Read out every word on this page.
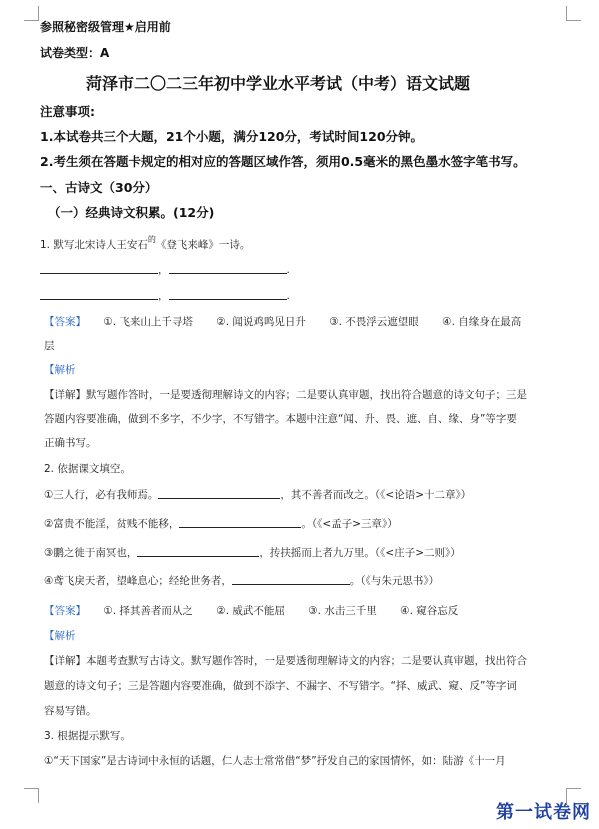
参照秘密级管理★启用前
试卷类型：A
菏泽市二〇二三年初中学业水平考试（中考）语文试题
注意事项:
1.本试卷共三个大题，21个小题，满分120分，考试时间120分钟。
2.考生须在答题卡规定的相对应的答题区域作答，须用0.5毫米的黑色墨水签字笔书写。
一、古诗文（30分）
（一）经典诗文积累。(12分)
1. 默写北宋诗人王安石$^的$《登飞来峰》一诗。
，	.
，	.
【答案】 ①. 飞来山上千寻塔 ②. 闻说鸡鸣见日升 ③. 不畏浮云遮望眼 ④. 自缘身在最高
层
【解析
【详解】默写题作答时，一是要透彻理解诗文的内容；二是要认真审题，找出符合题意的诗文句子；三是
答题内容要准确，做到不多字，不少字，不写错字。本题中注意“闻、升、畏、遮、自、缘、身”等字要
正确书写。
2. 依据课文填空。
①三人行，必有我师焉。	，其不善者而改之。（《<论语>十二章》）
②富贵不能淫，贫贱不能移，	。（《<孟子>三章》）
③鹏之徙于南冥也，	，抟扶摇而上者九万里。（《<庄子>二则》）
④鸢飞戾天者，望峰息心；经纶世务者，	。（《与朱元思书》）
【答案】 ①. 择其善者而从之 ②. 威武不能屈 ③. 水击三千里 ④. 窥谷忘反
【解析
【详解】本题考查默写古诗文。默写题作答时，一是要透彻理解诗文的内容；二是要认真审题，找出符合
题意的诗文句子；三是答题内容要准确，做到不添字、不漏字、不写错字。“择、威武、窥、反”等字词
容易写错。
3. 根据提示默写。
①“天下国家”是古诗词中永恒的话题，仁人志士常常借“梦”抒发自己的家国情怀，如：陆游《十一月
第一试卷网
